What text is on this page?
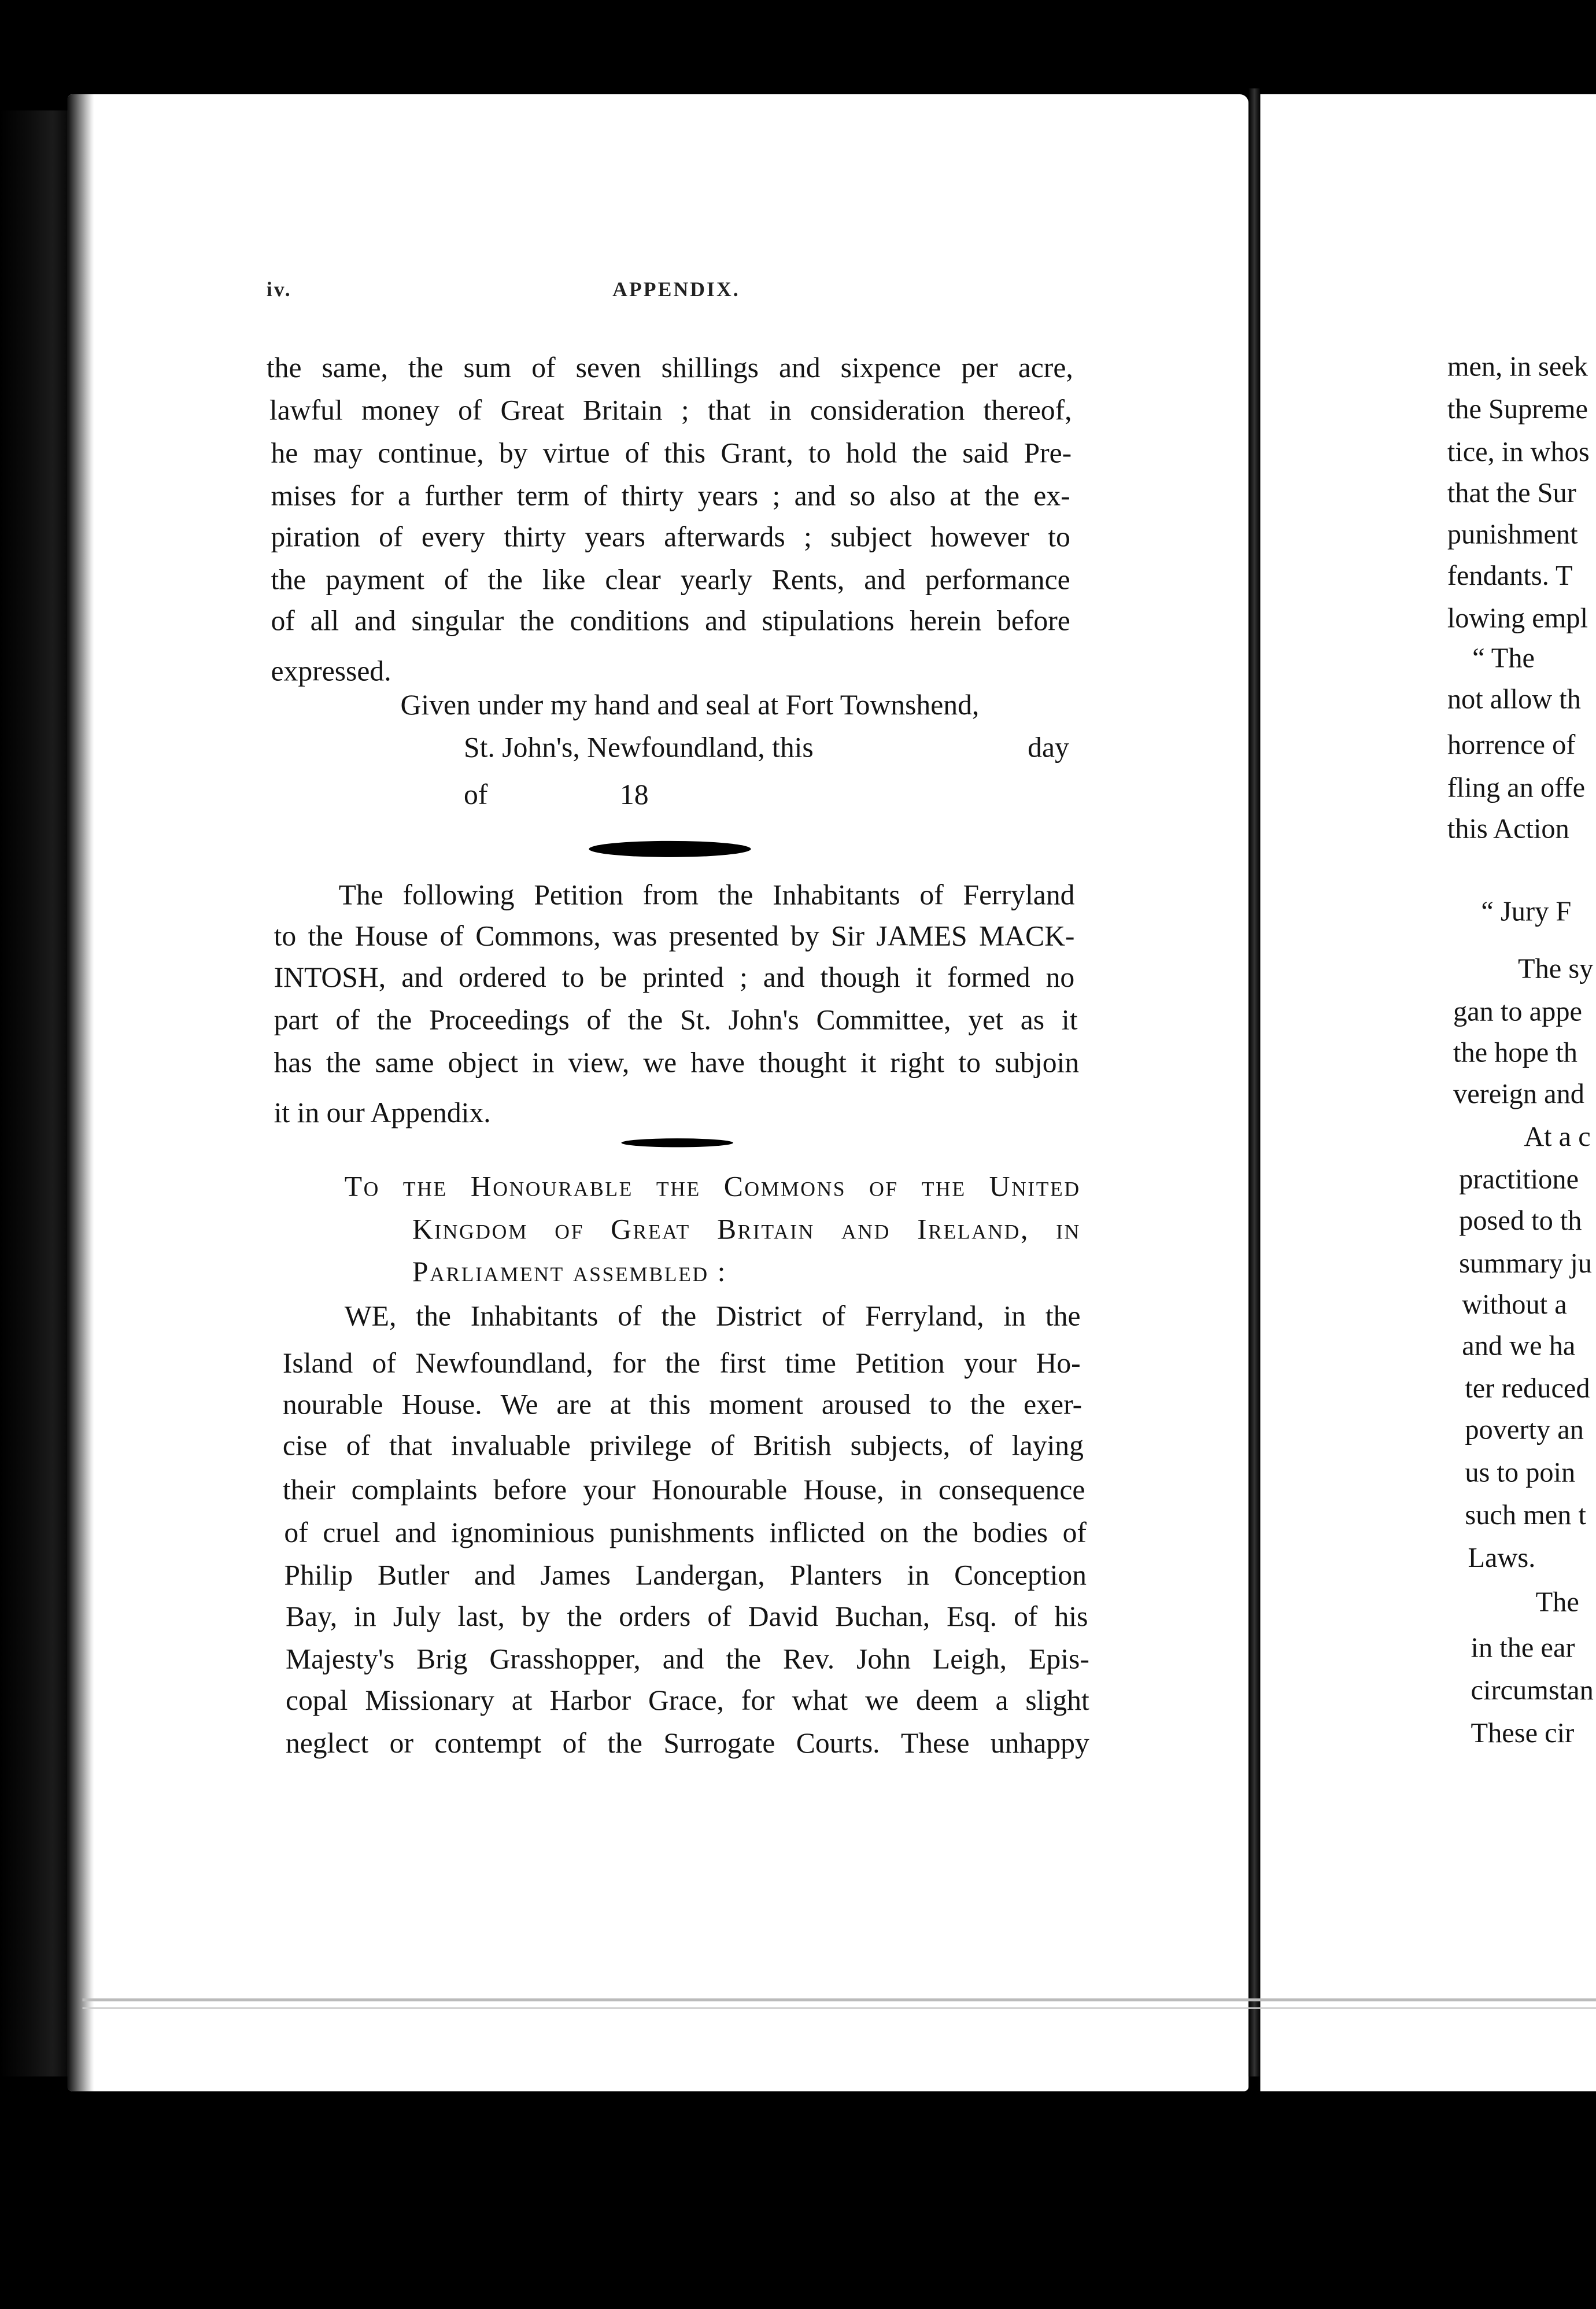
iv.	APPENDIX.
the same, the sum of seven shillings and sixpence per acre,
lawful money of Great Britain ; that in consideration thereof,
he may continue, by virtue of this Grant, to hold the said Pre-
mises for a further term of thirty years ; and so also at the ex-
piration of every thirty years afterwards ; subject however to
the payment of the like clear yearly Rents, and performance
of all and singular the conditions and stipulations herein before
expressed.
Given under my hand and seal at Fort Townshend,
St. John's, Newfoundland, this	day
of	18
The following Petition from the Inhabitants of Ferryland
to the House of Commons, was presented by Sir JAMES MACK-
INTOSH, and ordered to be printed ; and though it formed no
part of the Proceedings of the St. John's Committee, yet as it
has the same object in view, we have thought it right to subjoin
it in our Appendix.
To the Honourable the Commons of the United
Kingdom of Great Britain and Ireland, in
Parliament assembled :
WE, the Inhabitants of the District of Ferryland, in the
Island of Newfoundland, for the first time Petition your Ho-
nourable House. We are at this moment aroused to the exer-
cise of that invaluable privilege of British subjects, of laying
their complaints before your Honourable House, in consequence
of cruel and ignominious punishments inflicted on the bodies of
Philip Butler and James Landergan, Planters in Conception
Bay, in July last, by the orders of David Buchan, Esq. of his
Majesty's Brig Grasshopper, and the Rev. John Leigh, Epis-
copal Missionary at Harbor Grace, for what we deem a slight
neglect or contempt of the Surrogate Courts. These unhappy
men, in seek
the Supreme
tice, in whos
that the Sur
punishment
fendants. T
lowing empl
“ The
not allow th
horrence of
fling an offe
this Action
“ Jury F
The sy
gan to appe
the hope th
vereign and
At a c
practitione
posed to th
summary ju
without a
and we ha
ter reduced
poverty an
us to poin
such men t
Laws.
The
in the ear
circumstan
These cir
